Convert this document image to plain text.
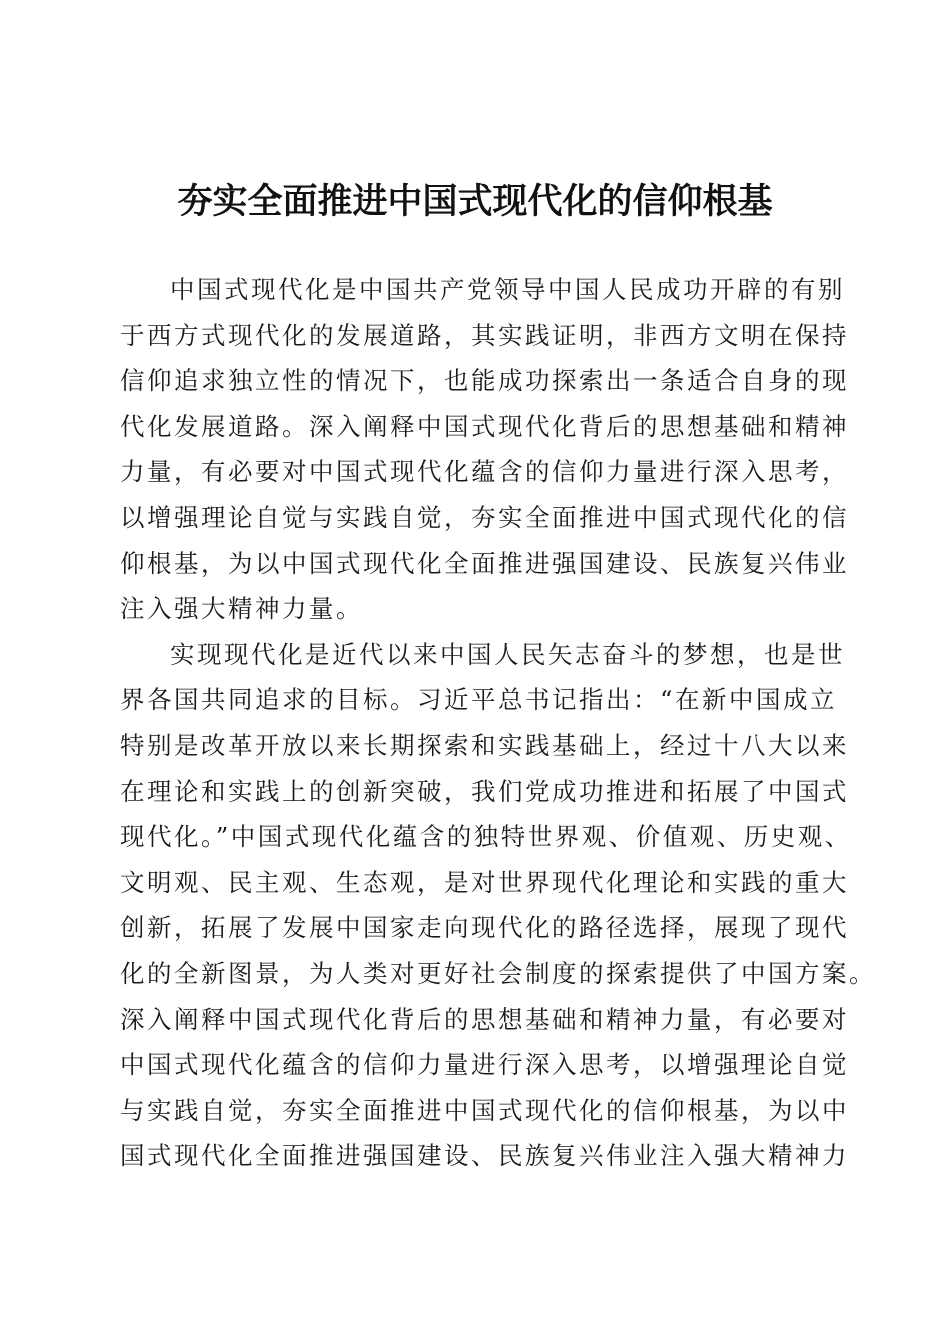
夯实全面推进中国式现代化的信仰根基
中国式现代化是中国共产党领导中国人民成功开辟的有别
于西方式现代化的发展道路，其实践证明，非西方文明在保持
信仰追求独立性的情况下，也能成功探索出一条适合自身的现
代化发展道路。深入阐释中国式现代化背后的思想基础和精神
力量，有必要对中国式现代化蕴含的信仰力量进行深入思考，
以增强理论自觉与实践自觉，夯实全面推进中国式现代化的信
仰根基，为以中国式现代化全面推进强国建设、民族复兴伟业
注入强大精神力量。
实现现代化是近代以来中国人民矢志奋斗的梦想，也是世
界各国共同追求的目标。习近平总书记指出：“在新中国成立
特别是改革开放以来长期探索和实践基础上，经过十八大以来
在理论和实践上的创新突破，我们党成功推进和拓展了中国式
现代化。”中国式现代化蕴含的独特世界观、价值观、历史观、
文明观、民主观、生态观，是对世界现代化理论和实践的重大
创新，拓展了发展中国家走向现代化的路径选择，展现了现代
化的全新图景，为人类对更好社会制度的探索提供了中国方案。
深入阐释中国式现代化背后的思想基础和精神力量，有必要对
中国式现代化蕴含的信仰力量进行深入思考，以增强理论自觉
与实践自觉，夯实全面推进中国式现代化的信仰根基，为以中
国式现代化全面推进强国建设、民族复兴伟业注入强大精神力
